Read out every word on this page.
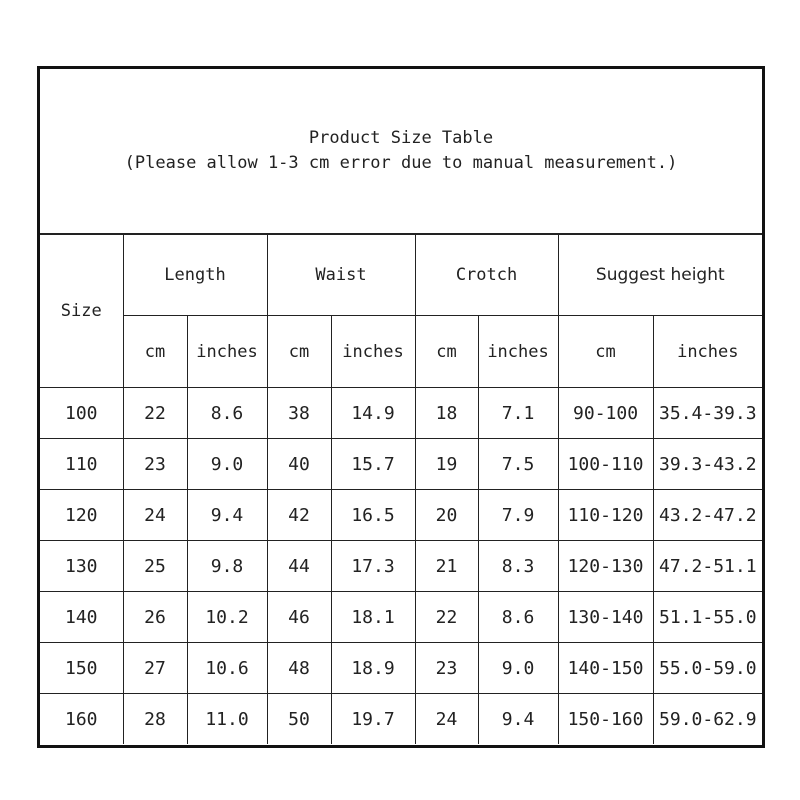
Product Size Table
(Please allow 1-3 cm error due to manual measurement.)
Size	Length		Waist		Crotch		Suggest height	
	cm	inches	cm	inches	cm	inches	cm	inches
100	22	8.6	38	14.9	18	7.1	90-100	35.4-39.3
110	23	9.0	40	15.7	19	7.5	100-110	39.3-43.2
120	24	9.4	42	16.5	20	7.9	110-120	43.2-47.2
130	25	9.8	44	17.3	21	8.3	120-130	47.2-51.1
140	26	10.2	46	18.1	22	8.6	130-140	51.1-55.0
150	27	10.6	48	18.9	23	9.0	140-150	55.0-59.0
160	28	11.0	50	19.7	24	9.4	150-160	59.0-62.9
